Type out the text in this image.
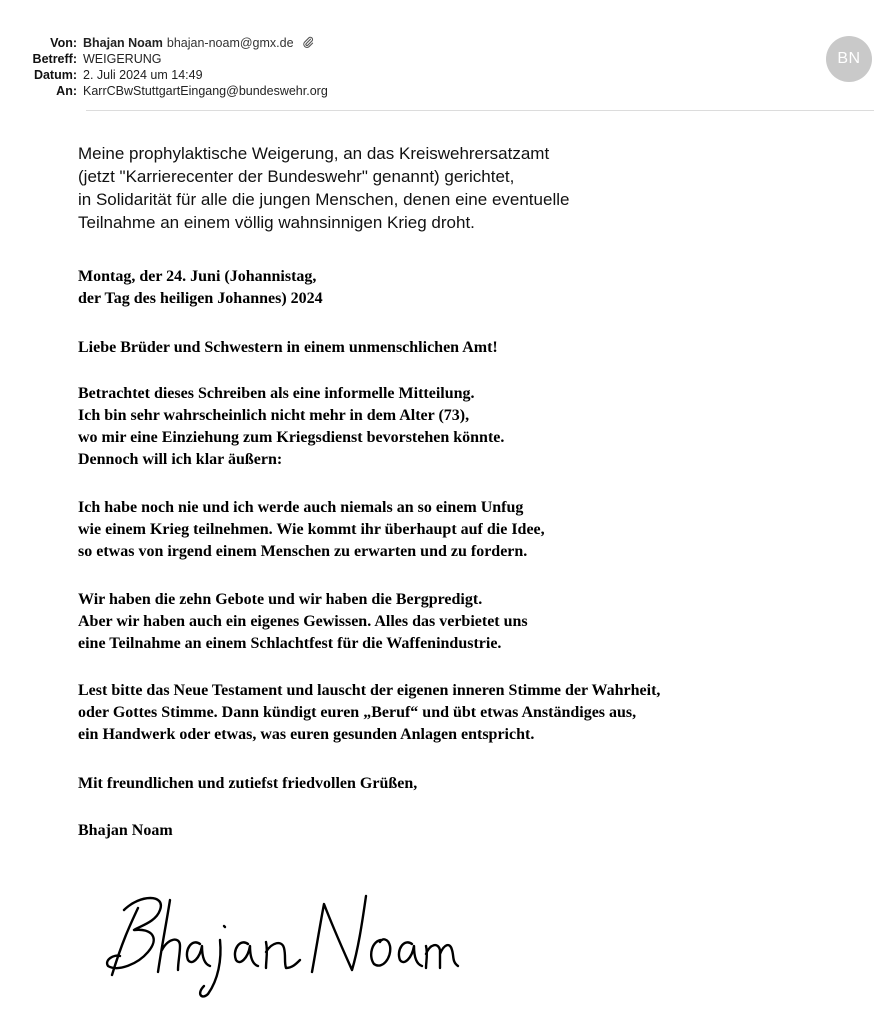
Von: Bhajan Noam bhajan-noam@gmx.de
Betreff: WEIGERUNG
Datum: 2. Juli 2024 um 14:49
An: KarrCBwStuttgartEingang@bundeswehr.org
BN
Meine prophylaktische Weigerung, an das Kreiswehrersatzamt
(jetzt "Karrierecenter der Bundeswehr" genannt) gerichtet,
in Solidarität für alle die jungen Menschen, denen eine eventuelle
Teilnahme an einem völlig wahnsinnigen Krieg droht.
Montag, der 24. Juni (Johannistag,
der Tag des heiligen Johannes) 2024
Liebe Brüder und Schwestern in einem unmenschlichen Amt!
Betrachtet dieses Schreiben als eine informelle Mitteilung.
Ich bin sehr wahrscheinlich nicht mehr in dem Alter (73),
wo mir eine Einziehung zum Kriegsdienst bevorstehen könnte.
Dennoch will ich klar äußern:
Ich habe noch nie und ich werde auch niemals an so einem Unfug
wie einem Krieg teilnehmen. Wie kommt ihr überhaupt auf die Idee,
so etwas von irgend einem Menschen zu erwarten und zu fordern.
Wir haben die zehn Gebote und wir haben die Bergpredigt.
Aber wir haben auch ein eigenes Gewissen. Alles das verbietet uns
eine Teilnahme an einem Schlachtfest für die Waffenindustrie.
Lest bitte das Neue Testament und lauscht der eigenen inneren Stimme der Wahrheit,
oder Gottes Stimme. Dann kündigt euren „Beruf“ und übt etwas Anständiges aus,
ein Handwerk oder etwas, was euren gesunden Anlagen entspricht.
Mit freundlichen und zutiefst friedvollen Grüßen,
Bhajan Noam
